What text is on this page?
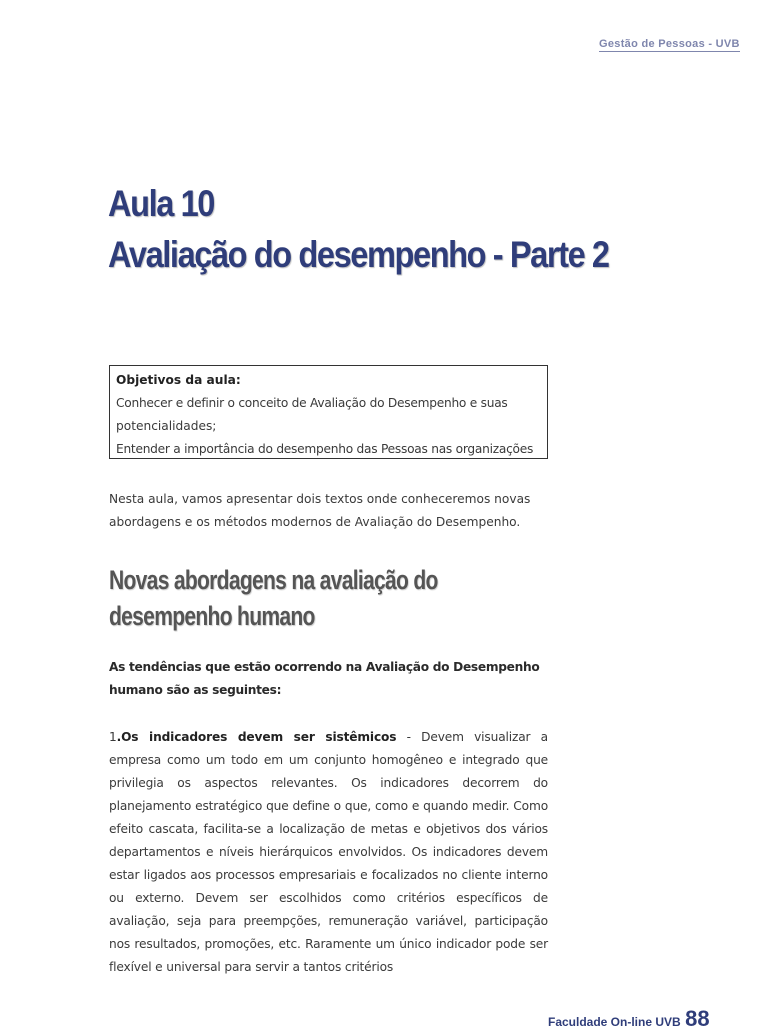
Gestão de Pessoas - UVB
Aula 10
Avaliação do desempenho - Parte 2
Objetivos da aula:
Conhecer e definir o conceito de Avaliação do Desempenho e suas
potencialidades;
Entender a importância do desempenho das Pessoas nas organizações
Nesta aula, vamos apresentar dois textos onde conheceremos novas abordagens e os métodos modernos de Avaliação do Desempenho.
Novas abordagens na avaliação do
desempenho humano
As tendências que estão ocorrendo na Avaliação do Desempenho humano são as seguintes:
1.Os indicadores devem ser sistêmicos - Devem visualizar a empresa como um todo em um conjunto homogêneo e integrado que privilegia os aspectos relevantes. Os indicadores decorrem do planejamento estratégico que define o que, como e quando medir. Como efeito cascata, facilita-se a localização de metas e objetivos dos vários departamentos e níveis hierárquicos envolvidos. Os indicadores devem estar ligados aos processos empresariais e focalizados no cliente interno ou externo. Devem ser escolhidos como critérios específicos de avaliação, seja para preempções, remuneração variável, participação nos resultados, promoções, etc. Raramente um único indicador pode ser flexível e universal para servir a tantos critérios
Faculdade On-line UVB 88
